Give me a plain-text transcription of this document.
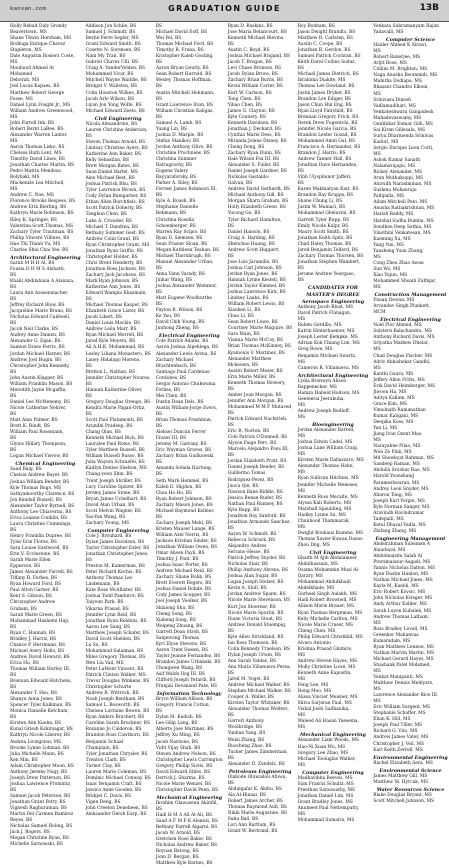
kansan.com	GRADUATION GUIDE	13B
Holly Rebait Daly Grandy
Beavertown, MS
Shane Thwin Horsham, MS
Rodluga Enrique Chavez
Stapleton, MS
Dale Augustin Rosiers Coste,
MS
Mouhood Ahmed Al
Mohamed
Deborah, MS
Joel Lucas Kapaes, BS
Matthew Robert George
Fosse, MS
Daniel Lynn Fought Jr., MS
William Andrew Greenwood,
MS
John Farrell Ink, BS
Robert Bernt LaBee, BS
Alexander Warren Lanter,
MS
Aaron Thomas Lisko, BS
Chelsea Ruth Lent, MS
Timothy David Lines, BS
Jonathan Charles Martin, BS
Pedro Mattin Mendoza
Bolybaki, MS
Mackenzie Lea Mitchell,
MS
Andrew C. Noe, MS
Florence Brooks Respess, BS
Andrew Erik Rierling, BS
Kathryn Marie Robinson, BS
Riley K. Springer, BS
Valentina Scott Thomas, MS
Zachary Tyler Trautman, BS
Phillip Vincent Villines, BS
Hao Thi Thanh Vu, MS
Charles Shui Chai Yee, BS
Architectural Engineering
Sarah M H H Al, BS
Fouzia D H M S Alshatti,
BS
Khalil Abdilahana A Alanaza,
BS
Laura Ann Aussenmacher,
BS
Jeffrey Richard Blow, BS
Jacqueline Marie Bruno, BS
Nicholas Edward Caldwell,
BS
Jacob Neil Clarke, BS
Audrey Anne Damen, BS
Alexander G. Egan, BS
Samuel Drase Ferris, BS
Jordan Michael Harner, BS
Andrew Joel Hugin, BS
Christopher John Kennedy,
BS
John Austin Klapper, BS
William Franklin Mason, BS
Meredith Jayne Mcgaffin,
BS
Daniel Lee McMenemy, BS
Nicole Catherine Nehrer,
BS
Matt Alan Palmer, BS
Brett K. Rindt, BS
William Paul Rosemann,
BS
Glynis Hillary Thompson,
BS
Logan Michael Vierow, BS
Chemical Engineering
Saud Baig, BS
Chelsie Andrew Bayer, BS
Joshua William Bender, BS
Kyle Thomas Bugs, MS
Sathyamoorthy Clarence, BS
Jon Kendall Bussell, BS
Alexander Taylor Byrnell, BS
Anthony Lee Chiaverini, BS
Erica Leanne Conklin, BS
Laura Christine Cummings,
BS
Henry Franklin Dupree, BS
Tyler Erin Flores, BS
Sara Louise Eastwood, BS
Erin V. Ecclestone, BS
Sarah Marie Ellen
Epperson, BS
James Alexander Farrell, BS
Tiffany R. Forbes, BS
Ryan Howard Ford, BS
Paul Alton Garner, BS
Kent S. Gibson, BS
Christopher Andrew
Graham, BS
Sarah Marie Green, BS
Mohammad Hashemi Haji,
BS
Ryan C. Hannah, BS
Bradley J. Harris, BS
Chance P. Herrmann, BS
Michael Avery Holts, BS
Andrew David Howard, BS
Erica Hu, BS
Thomas William Hurley III,
BS
Brennan Edward Hutchens,
BS
Alexander T. Hsu, BS
Shanyu Anna Jones, BS
Spencer Tyler Kalkman, BS
Monica Danielle Ketchum,
BS
Kirsten Ann Kuehn, BS
Kunal Grissh Kshirsagar, BS
Kathryn Nicole Liberer, BS
Andrea Livingston, MS
Brooke Lynne Lohman, BS
Julia Michelle Mann, BS
Ken Min, BS
Adam Christopher Moon, BS
Anthony Jeremy Nagy, BS
Joseph Drew Patterson, BS
Joshua Lawrence Promnitz,
BS
Samuel Jacob Peterson, BS
Jonathan Grant Petry, BS
Vignesh Raghuraman, BS
Martin Del Carmen Ramirez
Reyes, BS
Nicholas Samuel Roling, BS
Jack J. Rogers, BS
Megan Christine Ryan, BS
Michelle Sarnowski, BS
Addison Jon Schlie, BS
Samuel J. Schmidt, BS
Bertie Ferre Segler, MS
Grant Edward Smith, BS
Cosette N. Sorensen, BS
Nam My Tran, BS
Gabriel Chavez Ulli, BS
Craig A. VanderVelden, BS
Mohammed Vicar, BS
Mitchell Wayne Waddle, BS
Bridget V. Wallston, BS
Colin Houston Wilkes, BS
Jacob Arlo Wilson, BS
Liyan Jon Yong Wolfe, BS
Michael Edward Zeets, BS
Civil Engineering
Nicola Alexandrine, BS
Lauren Christine Anderson,
BS
Steven Thomas Arnold, BS
Lindsay Christine Ayers, BS
Katherine Ann Baker, BS
Kelly Sebastian, BS
Brett Morgan Bates, BS
Sean Daniel Bartel, MS
Alex Michael Best, BS
Joshua Patrick Bhu, BS
Tyler Lawrence Brown, BS
Cody Dylan Bumgarner, BS
Ethan Allen Burchfiels, BS
Scott Patrick Doherty, BS
Tangkun Chen, BS
Luke A. Crowder, BS
Michael T. Dandrea, BS
Bethany Summer Gest, BS
Andrew Colin Grant, BS
Ryan Christopher Grant, MS
Jonathan Ryan Griffin, BS
Christopher Holder, BS
Chris Brent Henderty, BS
Jonathon Ross Jackson, BS
Zachary Jack Jacobson, BS
Mark Ryan Johnson, BS
Katherine Ann Jones, BS
Edward Wampla Khasmaln,
BS
Michael Thomas Kasper, BS
Elizabeth Grace Lister, BS
Jacob Libert, BS
Daniel Louis Mackie, BS
Andrew Leila Marr, BS
Ryan Michael Merrell, BS
Jared Kyle Meyers, BS
Ali A.H.K. Mohammad, BS
Lesley Liliana Monastero, BS
Laney Hidalago Moreno,
BS
Bretton L. Nathan, BS
Jennifer Christopher Nourse,
BS
Hannah Katherine Oliver,
BS
Gregory Douglas Orengo, BS
Kendra Marie Pagan-Ortiz,
BS
Scott Paul Platamonti, BS
Arundhi Pradeep, BS
Chang Qian, BS
Kenneth Michael Rich, BS
Lauralee Paul Rowe, BS
Tyler Matthew Russell, BS
William Russell Russo, BS
Julia Waylon Schraefel, BS
Kaitlyn Denise Shelton, MS
Chang-yeon Shin, BS
Trent Joseph Shriller, BS
Lucy Caroline Spitzer, BS
Jeremy James Stone, BS
Bryan James Uchelhart, BS
David Alan Urban, BS
Scott Melvin Wagner, BS
Yao-Yan Wang, BS
Zachary Young, MS
Computer Engineering
Cole J. Brouhard, BS
Dylan James Davidson, BS
Taylor Christopher Ester, BS
Jonathan Christopher Jones,
BS
Preston M. Kamerman, BS
Peter Richard Kochis, BS
Anthony Thomas Leo
Lindemann, BS
Kate Rose McAllister, BS
Joshua Todd Pandurov, BS
Taiyoun Park, BS
Vikarna Prasad, BS
Jennifer Lynn Reid, BS
Jonathan Ryan Robbins, BS
Aaron Lee Sang, BS
Matthew Joseph Schafer, BS
David Scott Shelden, BS
Lu Su, BS
Mohammad Sulaiman, BS
Miles Gregory Thomas, BS
Wen Liu Vail, MS
Peter LaMont Vincent, BS
Patrick Clinton Walker, MS
Trevor Douglas Winkens, BS
Christopher Schurte
Andrew R. Wittrock, BS
Noah Joseph Bentham, BS
Samuel L. Bosworth, BS
Chelsea Lorraine Bowen, BS
Ryan Anders Bruchert, BS
Caroline Sarah Bruckner, BS
Roxanne Jo Calderon, BS
Brandon Ross Cawthorn, BS
Benjamin Schaaf
Champlain, BS
Tyler Jonathan Chrysler, BS
Trenton Clark, BS
Turner Clay, BS
Lauren Marie Coleman, BS
Dominic Michael Conway, BS
Isaac Benjamin Craft, BS
Jessica Anne Gooden, BS
Bridget C. Davis, BS
Vigen Deng, BS
John Creeton Deneheen, BS
Aleksander Dersh Earp, BS
BS
Michael David Eoff, BS
Wei Fei, BS
Thomas Michael Ford, BS
Timothy R. Frana, BS
Kristopher Kaleb Gosting,
BS
Aaron Bryan Gourly, BS
Sean Robert Harrold, BS
Wesley Thomas Hoffman,
BS
Austin Mitchell Hohmann,
BS
Grant Lawrence Irion, BS
William Christian Kaligas,
BS
Samuel A. Lamb, BS
Yuang Lin, BS
Joshua D. Marple, BS
Stefan Manikov, BS
Jordan Anthony Olivo, BS
Christine Prochniew, BS
Christina Summer
Ratragrachy, BS
Eugene Valery
Bayyaraforsky, BS
Parker A. Riley, BS
Forrest James Robinson III,
BS
Kyle A. Roush, BS
Stephanie Danielle
Rebmann, BS
Christina Rosella
Schoenberger, BS
Warren Ray Scipio, BS
Ryan D. Siemsen, BS
Sean Frasier Sloan, BS
Megan Kathleen Teahan, BS
Michael Thornbrugh, BS
Manuel Alexander Urban,
BS
Anna Vann Varady, BS
Jinhar Wang, BS
Joshua Alexander Wemmer,
BS
Matt Eugene Woolhurthe
BS
Payton R. Wilson, BS
Ke Yau, BS
David Chih Young, BS
Junhong Zheng, BS
Electrical Engineering
Cole Patrick Adams, BS
Aaron Joshua Alpehlega, BS
Alexander Lewis Arena, BS
Zachary Michael
Brachtenbach, BS
Santiago Paul Cardenas-
Cordobes, BS
Sergio Antonio Chukwuma
Forbes, BS
Mei Chen, BS
Dustin Dean Dels, BS
Austin William-Jorge Evers,
BS
Brian Thomas Freshman,
BS
Aleksei Duncan Ferrer
Fraser III, BS
Jeremy M. Galvany, BS
Eric Wayman Graves, BS
Zachary Brian Guilkowski,
BS
Amanda Sohala Hartung,
BS
Seth Mark Hemmel, BS
Kaleb D. Higdon, BS
Chao Ho Ho, BS
Ryan Robert Johnson, BS
Zachary Mason Jones, BS
Michael Raymond Kellner,
BS
Zachary Joseph Mehl, BS
Kristen Mauser Lange, BS
William Axel Norris, BS
Jackson Kristian Sinder, BS
Jonathan William Owen, BS
Omar Ahsen Payli, BS
Timothy J. Pont, BS
Joshua Isaac Porter, BS
Andrew Michael Reid, BS
Zachary Shane Robb, BS
Brett Everett Rogers, BS
Joshua Daniel Rohde, BS
Cody James Scopper, BS
Joel Joseph Voelker, BS
Shixiong Shu, BS
Cheng Song, BS
Xiaheng Song, BS
Weipeng Zhuang, BS
Garrett Dean Stroh, BS
Sanjeeving Thomas
Kyri Elyse Stevens, BS
Aaron Trent Sween, BS
Taylor Jeanne Fernandez, BS
Brandon James Urbanski, BS
Chongwen Wang, BS
Asif Walife Ilog III, BS
Clifford Joseph Yerardi, BS
Pranjali Devanand Pate, BS
Information Technology
Bryce William Allison, BS
Gregory Francis Cotton,
BS
Dylan M. Kudish, BS
Lee Gilip Lang, BS
Alberto Jose Martinez, BS
Jeffrey Xu Ming, BS
Jacob Nardone, BS
Vidit Vijay Shah, BS
Steven Andrew Nelson, BS
Christopher Lewis Carrington
Gregory Phillip Sivits, BS
David Edward Stiles, BS
Derrick J. Sharma, BS
Nicole Marie Wenzel, BS
Christopher David Penn, BS
Mechanical Engineering
Ibrahim Olawaseun Akinfiil,
BS
Hadi H M A Ali Al-Ali, BS
Saud A F M F K Alenezi, BS
Bethany Farrell Algarni, BS
Jacob W. Arnold, BS
Gretchen Rose Baker, BS
Nicholas Andrew Baker, BS
Boyuan Batong, BS
Jonn D. Bergan, BS
Matthew Kyle Barnes, BS
Ryan D. Baskins, BS
Jose Maria Betancourt, BS
Kenneth Michael Blevins,
BS
Austin C. Boyd, BS
Joshua Michael Brigand, BS
Jacob T. Brogan, BS
Levi Chase Bronson, BS
Jacob Dylan Bruce, BS
Zachary Brian Burns, BS
Kevin William Carter, BS
Kurt W. Carlson, BS
Tong Chen, BS
Yihao Chen, BS
James G. Clayton, BS
Kyle Connery, BS
Kenneth Davidson, BS
Jonathan J. Deckard, BS
Cynthia Marie Dess, BS
Miranda Jolene Disney, BS
Cheng Dong, BS
Zachary Ryan Dunn, BS
Dale Wilson Fox III, BS
Alexander S. Fuller, BS
Daniel Joseph Gardner, BS
Nickolas Gastaldo-
Galvan, BS
Andrew David Gerhardt, BS
Michael Anthony Gill, BS
Morgan Sharn Graham, BS
Holly Elizabeth Green, BS
Yucong Gu, BS
Tyler Richard Hamilton,
BS
Daniel Hanson, BS
Craig A. Harding, BS
Shenchao Huang, BS
Andrew Scott Huppert,
BS
Jose Luis Jaramillo, BS
Joshua Carl Johnson, BS
Jordan Ryan Jones, BS
Hannah Lynne Kestell, BS
Jordan Taylor Kimmel, BS
Joshua Lawrence Kirk, BS
Lindsey Laabs, BS
William Robert Lewis, BS
Xiaoben Li, BS
Chao Li, BS
Sean Robert Lowe, BS
Courtney Marie Maguire, BS
Sara Main, BS
Vianna Marie McCoy, BS
Brian Thomas McKinney, BS
Kyamouls V. Martinez, BS
Alexander Matthew
Mckeown, BS
Austin Robert Mezer, BS
Erin Marie Miller, BS
Kenneth Thomas Mowery,
BS
Amber Joan Morgan, BS
Jennifer Ann Morgan, BS
Mohammed M M F Mutaved,
BS
Patrick Edward Nachtrieb,
BS
Eric R. Norton, BS
Cole Patrick O'Donnell, BS
Alyson Paige Perc, BS
Marcelo Alejandro Pons III,
BS
Jordan Elizabeth Pratt, BS
Daniel Joseph Reeder, BS
Guillermo Tomas
Rodriguez-Perez, BS
Juocu Qin, BS
Dawson Bane Riddle, BS
Jessica Renae Ruder, BS
Nathan Paul Rumsey, BS
Kyle Rupp, BS
Jonathon Ray Sanford, BS
Jonathan Armando Sanchez,
BS
Aaron W. Schmidt, BS
Rebecca Schrack, BS
Alejandro Andres
Serrano-Hesse, BS
Patrick Jeffrey Snyder, BS
Nicholas Stair, BS
Phillip Anthony Ahrens, BS
Joshua Alan Sugar, BS
Logan Joseph Stelzer, BS
Kevin A. Stoll, BS
Jordan Andrew Spann, BS
Nicole Marie Stevenson, BS
Kurt Jon Stoerner, BS
Nicole Marie Spurlin, BS
Diane Victoria Stout, BS
Andrew Donald Stuempig,
BS
Kyle Allen Strickland, BS
Ian Ross Thomson, BS
Colin Kennedy Truelson, BS
Dylan Joseph Urwin, BS
Ann Sarah Valdez, BS
Ana Maria Villanueva Perea,
BS
Jared M. Vogel, BS
Andrew Michael Walker, BS
Stephen Michael Walker, BS
Cooper A. Waller, BS
Kirsten Taylor Whitaker, BS
Alexander Thomas Wolters,
BS
Garrett Anthony
Woolbridge, BS
Yunhan Yang, BS
Weixi Zhang, BS
Ruocheng Zhao, BS
Tucker James Zimmerman,
BS
Alexander D. Zundelz, BS
Petroleum Engineering
Olabode Oluwadoli Afuwa,
BS
Abdulgafar K. Akibu, BS
Ala Al-Hinaai, BS
Robert James Archer, BS
Thomas Raymond Ault, BS
Nikki Marie Augustine, BS
Suhu Ball, BS
Lori Ann Bartlum, BS
Grant W. Bertrand, BS
Roy Bonham, BS
Jason Dwight Brandts, BS
Matthew R. Carlsten, BS
Austin C. Coope, BS
Jonathan R. Gerdon, BS
Samuel Patrick Cochran, BS
Keith Darel Collins Sodaz,
BS
Michael James Dietrich, BS
Ibrahima Diakite, MS
Thomas Lee Dowland, BS
Justin James Dryker, BS
Brandon Lee Ediger, BS
Jason Chun Hin Eng, BS
Ryan Lloyd Fairchild, BS
Brennan Gregory Frick, BS
Derek Drew Fugentchi, BS
Jennifer Nicole Garcia, BS
Brandon Lester Gozad, BS
Mohammed Amin Gul, BS
Francisco A. Hernandez, BS
Brandon J. Harris, BS
Andrew Tanner Hall, BS
Jonathan Dave Hernandez,
BS
Vinh Ulysphunor Jafferi,
BS
Karen Makhiatyan Kint, BS
Brandon Ray Krupps, BS
Shane Chung Li, BS
Justin W. Maniaci, BS
Mohammad Ghelavini, BS
Garrett Tyler Rupp, BS
Emily Nicole Kulpr, BS
Maury Scott Smith, BS
Jonathan Keith Spitz, BS
Chad Haley Thomas, BS
Jared Benjamin Telford, BS
Zachary Thomas Thorsen, BS
Jonathan Stephen Wambert,
BS
Jerome Andrew Yeargaso,
BS
CANDIDATES FOR
MASTER'S DEGREE
Aerospace Engineering
Anthony Jacob Blust, MS
David Patrick Flanagan,
MS
Rubén Gordillo, MS
Katrin Hinterhuemer, MS
Joseph Lester Kempke, MS
Adrian Kok Chiang Lim, MS
Greg Rowe, MS
Benjamin Michael Swartz,
MS
Cameron R. Villanueva, MS
Architectural Engineering
Lydia Bronwyn Alison
Rappenecker, MS
Hamza Habeid Hudson, MS
Geeteerai Jeerakuha,
MS
Andrew Joseph Rudloff,
MS
Bioengineering
Jordan Alexander Barrell,
MS
Joshua Edwin Cadel, MS
Joshua Lane William Craig,
MS
Kirsten Marie Dallazzaro, MS
Alexander Thomas Hahn,
MS
Ryan Sullivan Hitchins, MS
Jennifer Michelle Meneses,
MS
Kenneth Ross Mecalte, MS
Alyssa Kali Roberts, MS
Marshall Spaulding, MS
Hadley Lynne Su, MS
Chunhood Thammarak,
MS
Dwight Bouhaus Kumme, MS
Thomas Xavier Kuwan Danso
Zhou Dng, MS
Civil Engineering
Ghaith M Ajib Abdalameer
Abdulhussain, MS
Osama Mohammin Musi Al-
Qarary, MS
Mohammad Abdulkhalil
Abdelkhade, MS
Gurheel Singh Aulakh, MS
Hadi Robert Brownell, MS
Allison Marie Brauer, MS
Ryan Thomas Bergeman, MS
Kelly Michelle Carlton, MS
Nicole Marie Cruser, MS
Cheng Chen, MS
Philip Edward Christkild, MS
Alvaro Antonio
Krishna Prasad Ghimire,
MS
Andrew Steven Hayes, MS
Molly Christine Lowe, MS
Kenneth Anne Kapustin,
MS
Feng Lee, MS
Hong Moo, MS
Alissa Vincier Meisner, MS
Shiva Sarjeran Paul, MS
Vishal Joshi Sadhanika,
MS
Waleed Ali Hasan Yaseema,
MS
Mechanical Engineering
Alexander Liam Woods, MS
Hao-Ni Xuan Wu, MS
Gregory Lee Zhao, MS
Michael Tooluglas Walker,
MS
Computer Engineering
Madhavibha Reeves, MS
Sam Francis Schultz, MS
Preethan Saraswathy, MS
Jonathan Daniel Lim, MS
Grant Bradley Jones, MS
Anumeet Paul Nettemputty,
MS
Mohammad Sumaira, MS
Venkata Subramanyam Rajan
Yadavalli, MS
Computer Science
Haider Ahmed K Alrawi,
MS
Robert Banerjee, MS
Arijit Bose, MS
Collins M. Brighton, MS
Naga Anusha Boommidi, MS
Mahitha Dodlapa, MS
Bhasant Chandra Elkoni,
MS
Srinivasu Dinesh
Vadlamudihari, MS
Venkateshwara Gangadesh
Mahadevaswamy, MS
Gunthikar Kumar Gilli, MS
Sai Kiran Gillesalu, MS
Surya Dharmenda Srinivas
Kaduri, MS
Sergio Enrique Leon Corti,
MS
Ashok Kumar Sanath
Nalamarajapu, MS
Rickey Alexander, MS
Arun Muthukuppi, MS
Anirudh Narasimman, MS
Sushma Mohanraju
Pallipalla, MS
Adam Mitchell Peto, MS
Anusha Rathakrishnan, MS
Harish Reddy, MS
Harshal Sudha Rumba, MS
Sondhee Deep Sethia, MS
Vinothini Venkatesan, MS
Kaoming Xu, MS
Yang Yun, MS
Yansheng Yuan Zhang,
MS
Cong Zheu Zhao Awan
Sun Wo, MS
Xiao Yujun, MS
Mohammed Shoaib Zulfiqar,
MS
Construction Management
Fnuan Dewan, MS
Arvandev Singh Plunkett,
MCM
Electrical Engineering
Noel Flor Ahmed, MS
Sulstern Balachandra, MS
Anthony Richard Davis, MS
Srlyatha Mathew Dhelat,
MS
Chad Douglas Fischer, MS
Adriv Abhishekar Gandhi,
MS
Kanthi Gaura, MS
Jeffery Allen Fritts, MS
Erik David Heimberger, MS
Jiwoon Ha, MS
Aditya Kallam, MS
Grace Kim, MS
Vimolnath Ramanathan
Kumar Kaligani, MS
Deepika Koss, MS
Yan Li, MS
Jiang Ivan Ozent Mao,
MS
Narayahne Pilao, MS
Wiei Ze Pink, MS
Md Showkyat Rahman, MS
Sandeep Raman, MS
Abdulla Srushar Rao, MS
Harold Yoonshang
Parameshwaran, MS
Andrey Leon Snyder, MS
Aharon Tong, MS
Joseph Karl Yorgin, MS
Kyle Norman Sanger, MS
Aravindh Ravindrumar
Tadepalli, MS
Ketul Dhaval Vadla, MS
Zhifang Zhang, MS
Engineering Management
Abdelrahman Suleimen A
Alaudayal, MS
Abdulmalzim Salah Al
Preramaissur-Aagadi, MS
Yannis Nicholas Dalton, MS
Ryan Dustin Hanlon, MS
Nathan Michael Jones, MS
Kayla M. Kaebli, MS
Eric Robert Kovsic, MS
John Nicholas Krieger, MS
Andy Arthur Kidder, MS
Sarah Luyon Kubalek, MS
Andrew Thomas Latham,
MS
Ross Bradley Lovell, MS
Greenkor Mahanvaa
Kumarsdam, MS
Ryan Matthew Lennon, MS
Nathan Marvin Martin, MS
Michael Gerard Hayes, MS
Shashank Patel Midsmed,
MS
Venkat Manipanti, MS
Matthew Dennis Mehlyars,
MS
Lawrence Alexander Rice III,
MS
Eric William Sargent, MS
Stephanie Schaffer, MS
Ehan K. Hill, MS
Joseph Paul Tiller, MS
Richard G. Vito, MS
Andrew James Vater, MS
Christopher J. Veil, MS
Karl Keith Zerrell, MS
Environmental Engineering
Rachel Elizabeth Sera, MS
Environmental Science
James Matthew Gill, MS
Matthew M. Hyrcak, MS
Water Resources Science
Blake Douglas Bryant, MS
Scott Mitchell Johnson, MS
